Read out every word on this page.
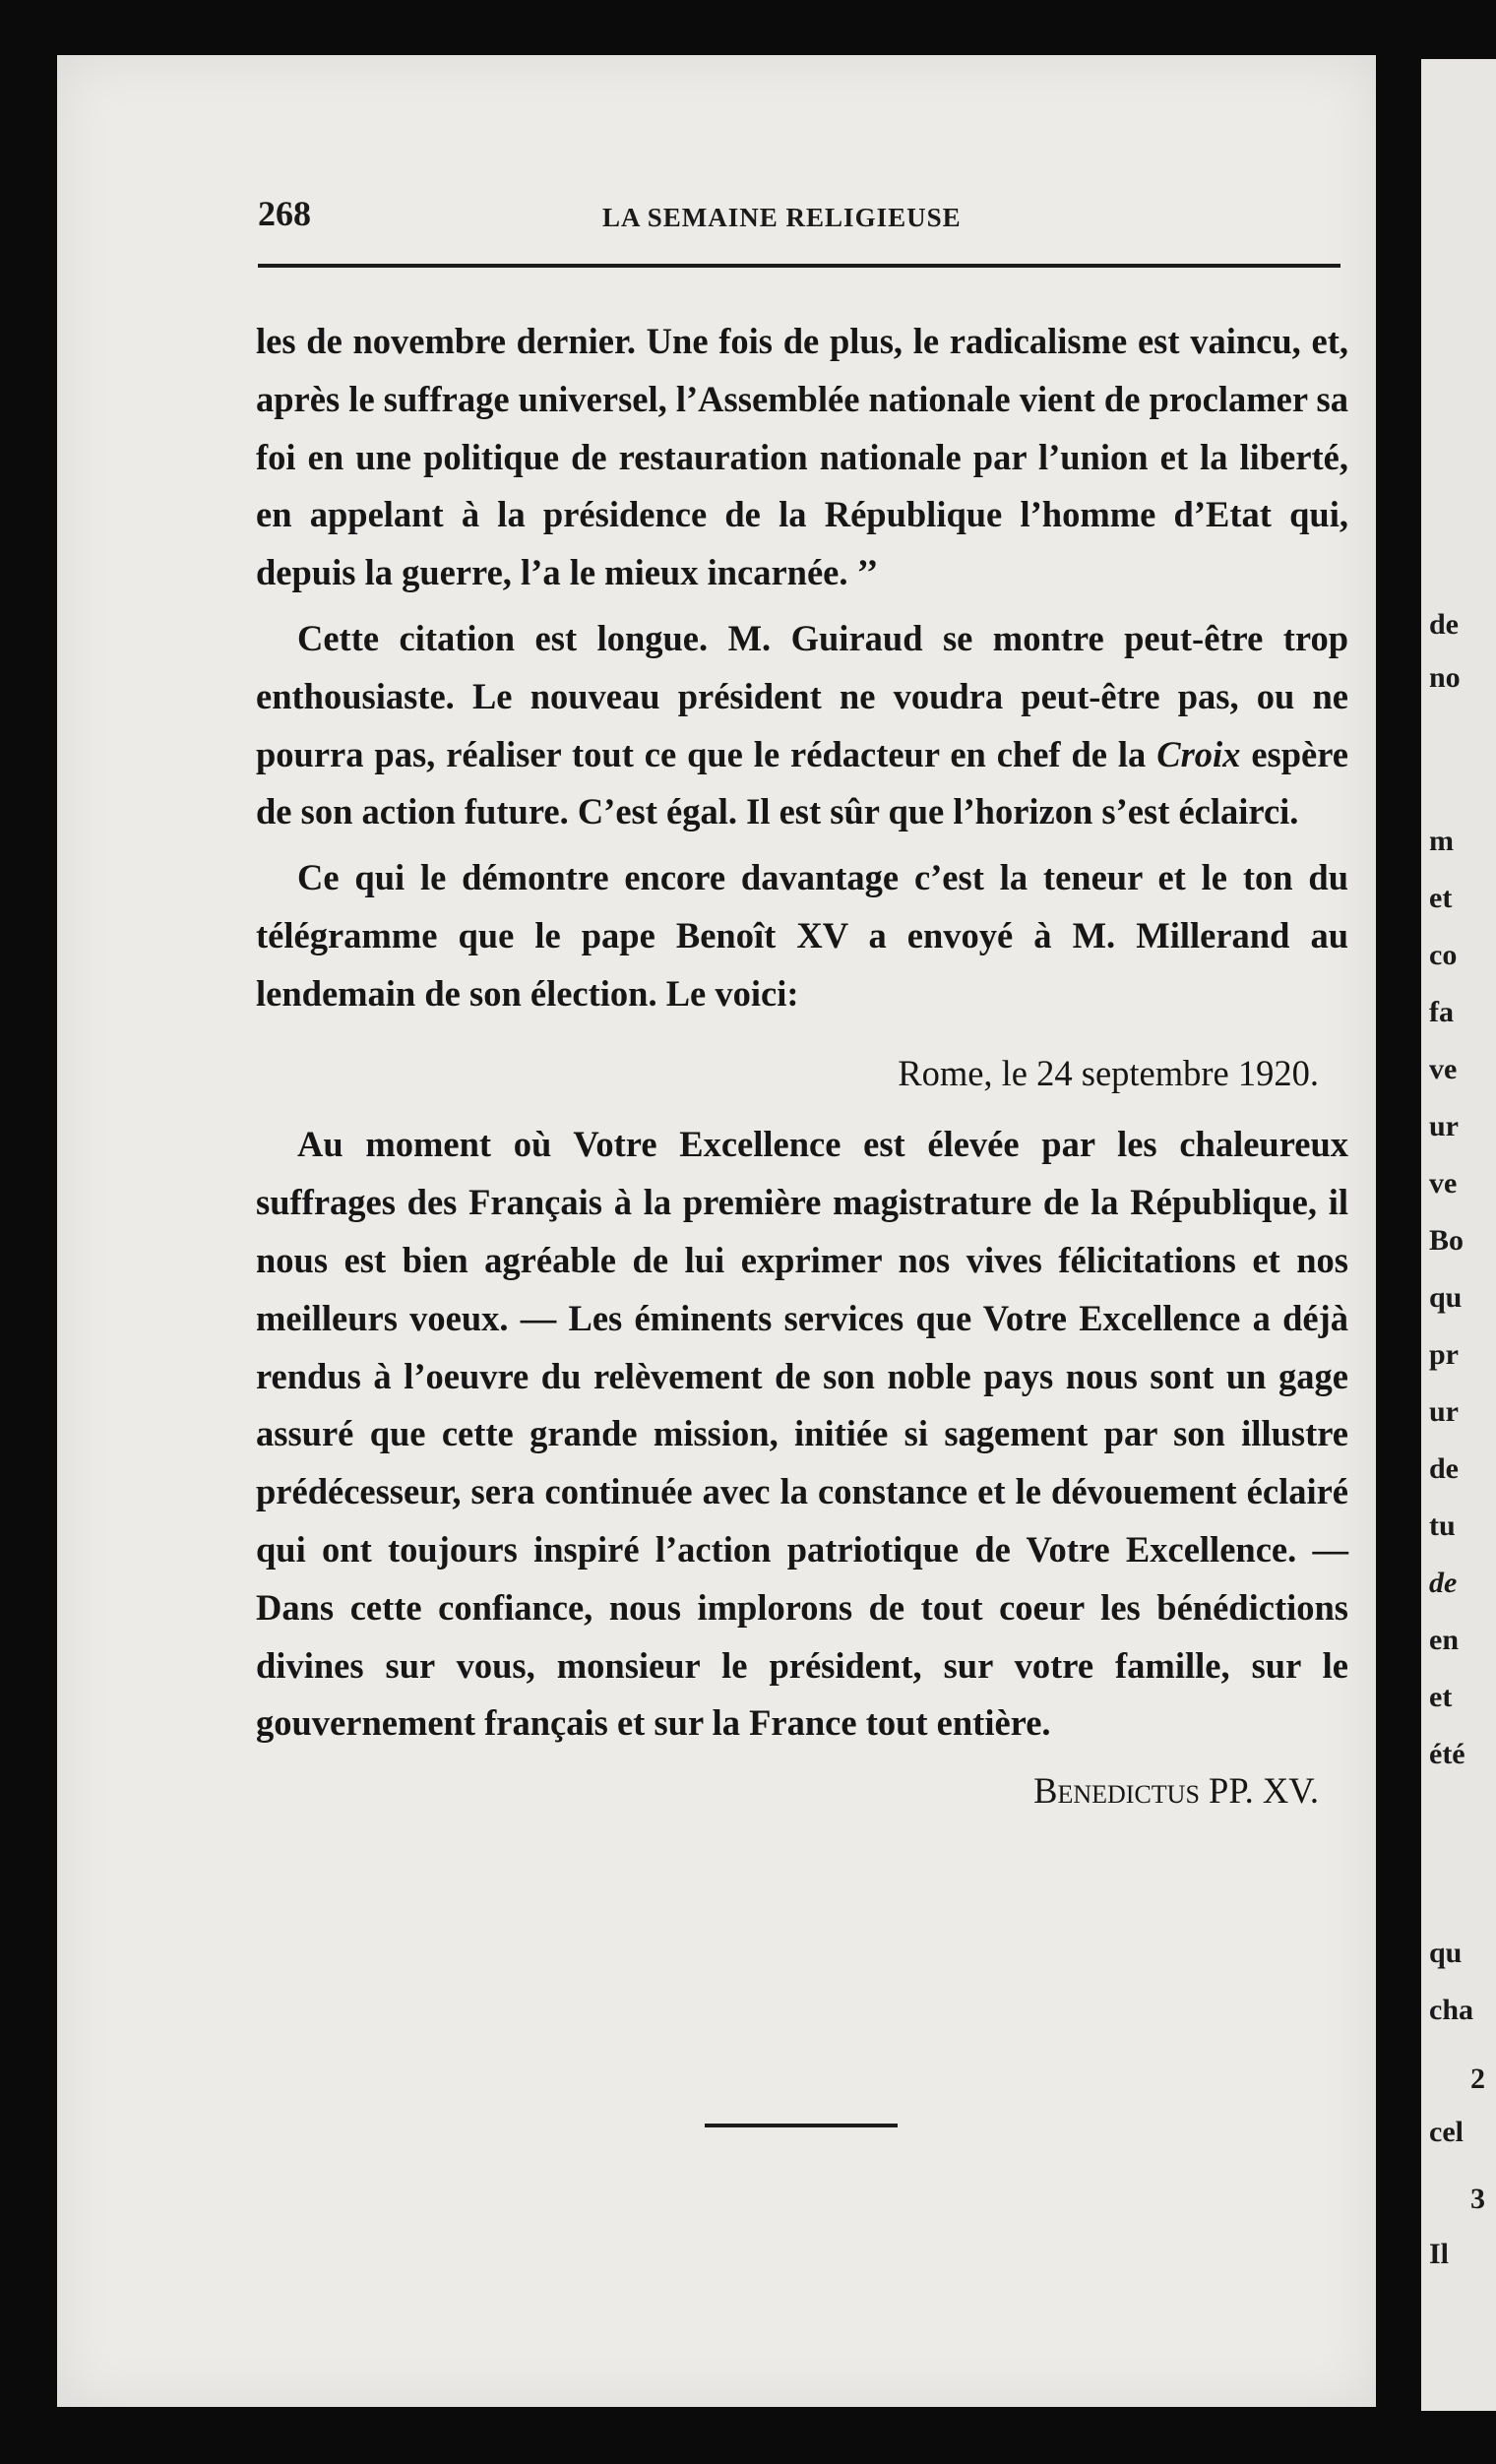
de
no
m
et
co
fa
ve
ur
ve
Bo
qu
pr
ur
de
tu
de
en
et
été
qu
cha
2
cel
3
Il
268	LA SEMAINE RELIGIEUSE

les de novembre dernier. Une fois de plus, le radicalisme est vaincu, et, après le suffrage universel, l’Assemblée nationale vient de proclamer sa foi en une politique de restauration nationale par l’union et la liberté, en appelant à la présidence de la République l’homme d’Etat qui, depuis la guerre, l’a le mieux incarnée. ’’

Cette citation est longue. M. Guiraud se montre peut-être trop enthousiaste. Le nouveau président ne voudra peut-être pas, ou ne pourra pas, réaliser tout ce que le rédacteur en chef de la Croix espère de son action future. C’est égal. Il est sûr que l’horizon s’est éclairci.

Ce qui le démontre encore davantage c’est la teneur et le ton du télégramme que le pape Benoît XV a envoyé à M. Millerand au lendemain de son élection. Le voici:

Rome, le 24 septembre 1920.

Au moment où Votre Excellence est élevée par les chaleureux suffrages des Français à la première magistrature de la République, il nous est bien agréable de lui exprimer nos vives félicitations et nos meilleurs voeux. — Les éminents services que Votre Excellence a déjà rendus à l’oeuvre du relèvement de son noble pays nous sont un gage assuré que cette grande mission, initiée si sagement par son illustre prédécesseur, sera continuée avec la constance et le dévouement éclairé qui ont toujours inspiré l’action patriotique de Votre Excellence. — Dans cette confiance, nous implorons de tout coeur les bénédictions divines sur vous, monsieur le président, sur votre famille, sur le gouvernement français et sur la France tout entière.

Benedictus PP. XV.
